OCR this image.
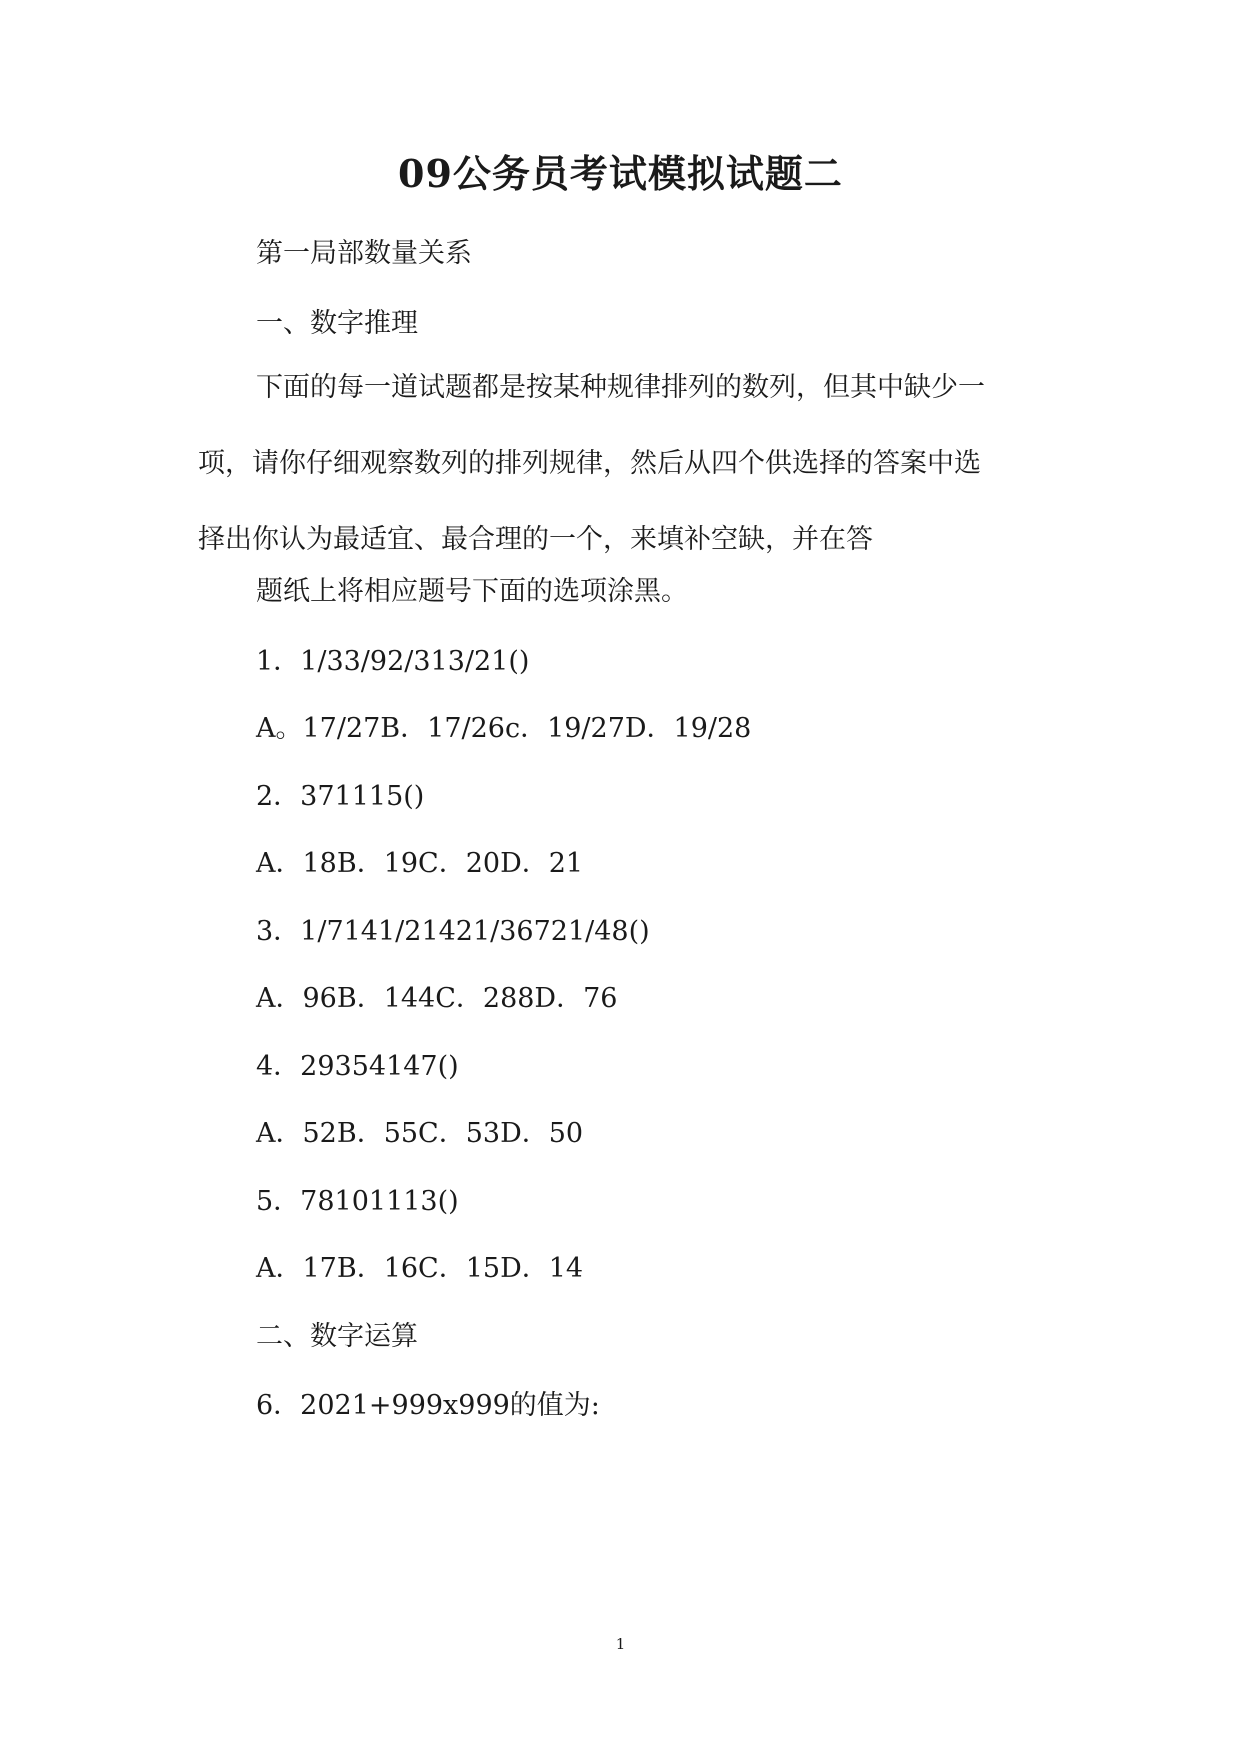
09公务员考试模拟试题二
第一局部数量关系
一、数字推理
下面的每一道试题都是按某种规律排列的数列，但其中缺少一
项，请你仔细观察数列的排列规律，然后从四个供选择的答案中选
择出你认为最适宜、最合理的一个，来填补空缺，并在答
题纸上将相应题号下面的选项涂黑。
1．1/33/92/313/21()
A。17/27B．17/26c．19/27D．19/28
2．371115()
A．18B．19C．20D．21
3．1/7141/21421/36721/48()
A．96B．144C．288D．76
4．29354147()
A．52B．55C．53D．50
5．78101113()
A．17B．16C．15D．14
二、数字运算
6．2021+999x999的值为:
1
